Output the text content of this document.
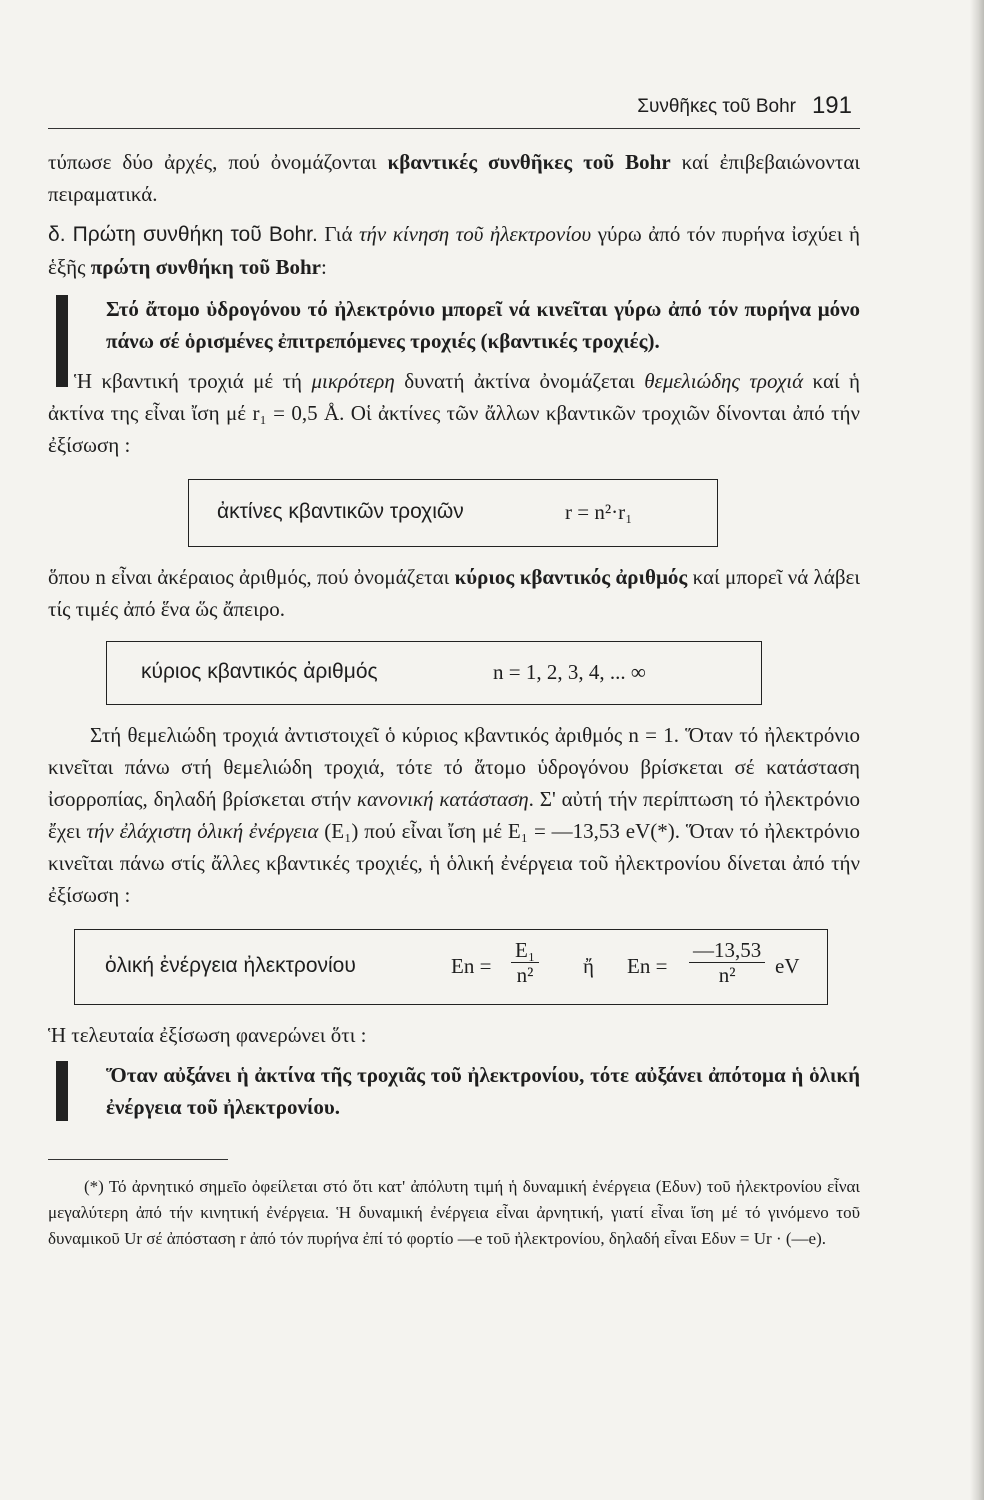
Συνθῆκες τοῦ Bohr 191

τύπωσε δύο ἀρχές, πού ὀνομάζονται κβαντικές συνθῆκες τοῦ Bohr καί ἐπιβεβαιώνονται πειραματικά.

δ. Πρώτη συνθήκη τοῦ Bohr. Γιά τήν κίνηση τοῦ ἠλεκτρονίου γύρω ἀπό τόν πυρήνα ἰσχύει ἡ ἑξῆς πρώτη συνθήκη τοῦ Bohr:

Στό ἄτομο ὑδρογόνου τό ἠλεκτρόνιο μπορεῖ νά κινεῖται γύρω ἀπό τόν πυρήνα μόνο πάνω σέ ὁρισμένες ἐπιτρεπόμενες τροχιές (κβαντικές τροχιές).

Ἡ κβαντική τροχιά μέ τή μικρότερη δυνατή ἀκτίνα ὀνομάζεται θεμελιώδης τροχιά καί ἡ ἀκτίνα της εἶναι ἴση μέ r₁ = 0,5 Å. Οἱ ἀκτίνες τῶν ἄλλων κβαντικῶν τροχιῶν δίνονται ἀπό τήν ἐξίσωση :

ἀκτίνες κβαντικῶν τροχιῶν	r = n²·r₁

ὅπου n εἶναι ἀκέραιος ἀριθμός, πού ὀνομάζεται κύριος κβαντικός ἀριθμός καί μπορεῖ νά λάβει τίς τιμές ἀπό ἕνα ὥς ἄπειρο.

κύριος κβαντικός ἀριθμός	n = 1, 2, 3, 4, ... ∞

Στή θεμελιώδη τροχιά ἀντιστοιχεῖ ὁ κύριος κβαντικός ἀριθμός n = 1. Ὅταν τό ἠλεκτρόνιο κινεῖται πάνω στή θεμελιώδη τροχιά, τότε τό ἄτομο ὑδρογόνου βρίσκεται σέ κατάσταση ἰσορροπίας, δηλαδή βρίσκεται στήν κανονική κατάσταση. Σ' αὐτή τήν περίπτωση τό ἠλεκτρόνιο ἔχει τήν ἐλάχιστη ὁλική ἐνέργεια (E₁) πού εἶναι ἴση μέ E₁ = —13,53 eV(*). Ὅταν τό ἠλεκτρόνιο κινεῖται πάνω στίς ἄλλες κβαντικές τροχιές, ἡ ὁλική ἐνέργεια τοῦ ἠλεκτρονίου δίνεται ἀπό τήν ἐξίσωση :

ὁλική ἐνέργεια ἠλεκτρονίου	$En = \frac{\text{E₁}}{\text{n²}}$ ἤ $En = \frac{—13,53}{\text{n²}}$ eV

Ἡ τελευταία ἐξίσωση φανερώνει ὅτι :

Ὅταν αὐξάνει ἡ ἀκτίνα τῆς τροχιᾶς τοῦ ἠλεκτρονίου, τότε αὐξάνει ἀπότομα ἡ ὁλική ἐνέργεια τοῦ ἠλεκτρονίου.

(*) Τό ἀρνητικό σημεῖο ὀφείλεται στό ὅτι κατ' ἀπόλυτη τιμή ἡ δυναμική ἐνέργεια (Eδυν) τοῦ ἠλεκτρονίου εἶναι μεγαλύτερη ἀπό τήν κινητική ἐνέργεια. Ἡ δυναμική ἐνέργεια εἶναι ἀρνητική, γιατί εἶναι ἴση μέ τό γινόμενο τοῦ δυναμικοῦ Ur σέ ἀπόσταση r ἀπό τόν πυρήνα ἐπί τό φορτίο —e τοῦ ἠλεκτρονίου, δηλαδή εἶναι Eδυν = Ur · (—e).
